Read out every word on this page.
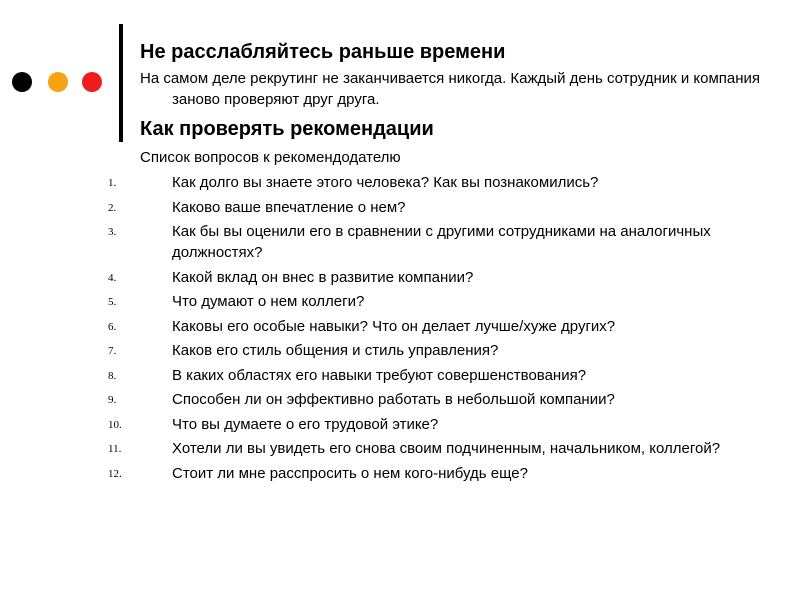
Не расслабляйтесь раньше времени

На самом деле рекрутинг не заканчивается никогда. Каждый день сотрудник и компания заново проверяют друг друга.

Как проверять рекомендации

Список вопросов к рекомендодателю

1.	Как долго вы знаете этого человека? Как вы познакомились?
2.	Каково ваше впечатление о нем?
3.	Как бы вы оценили его в сравнении с другими сотрудниками на аналогичных должностях?
4.	Какой вклад он внес в развитие компании?
5.	Что думают о нем коллеги?
6.	Каковы его особые навыки? Что он делает лучше/хуже других?
7.	Каков его стиль общения и стиль управления?
8.	В каких областях его навыки требуют совершенствования?
9.	Способен ли он эффективно работать в небольшой компании?
10.	Что вы думаете о его трудовой этике?
11.	Хотели ли вы увидеть его снова своим подчиненным, начальником, коллегой?
12.	Стоит ли мне расспросить о нем кого-нибудь еще?
